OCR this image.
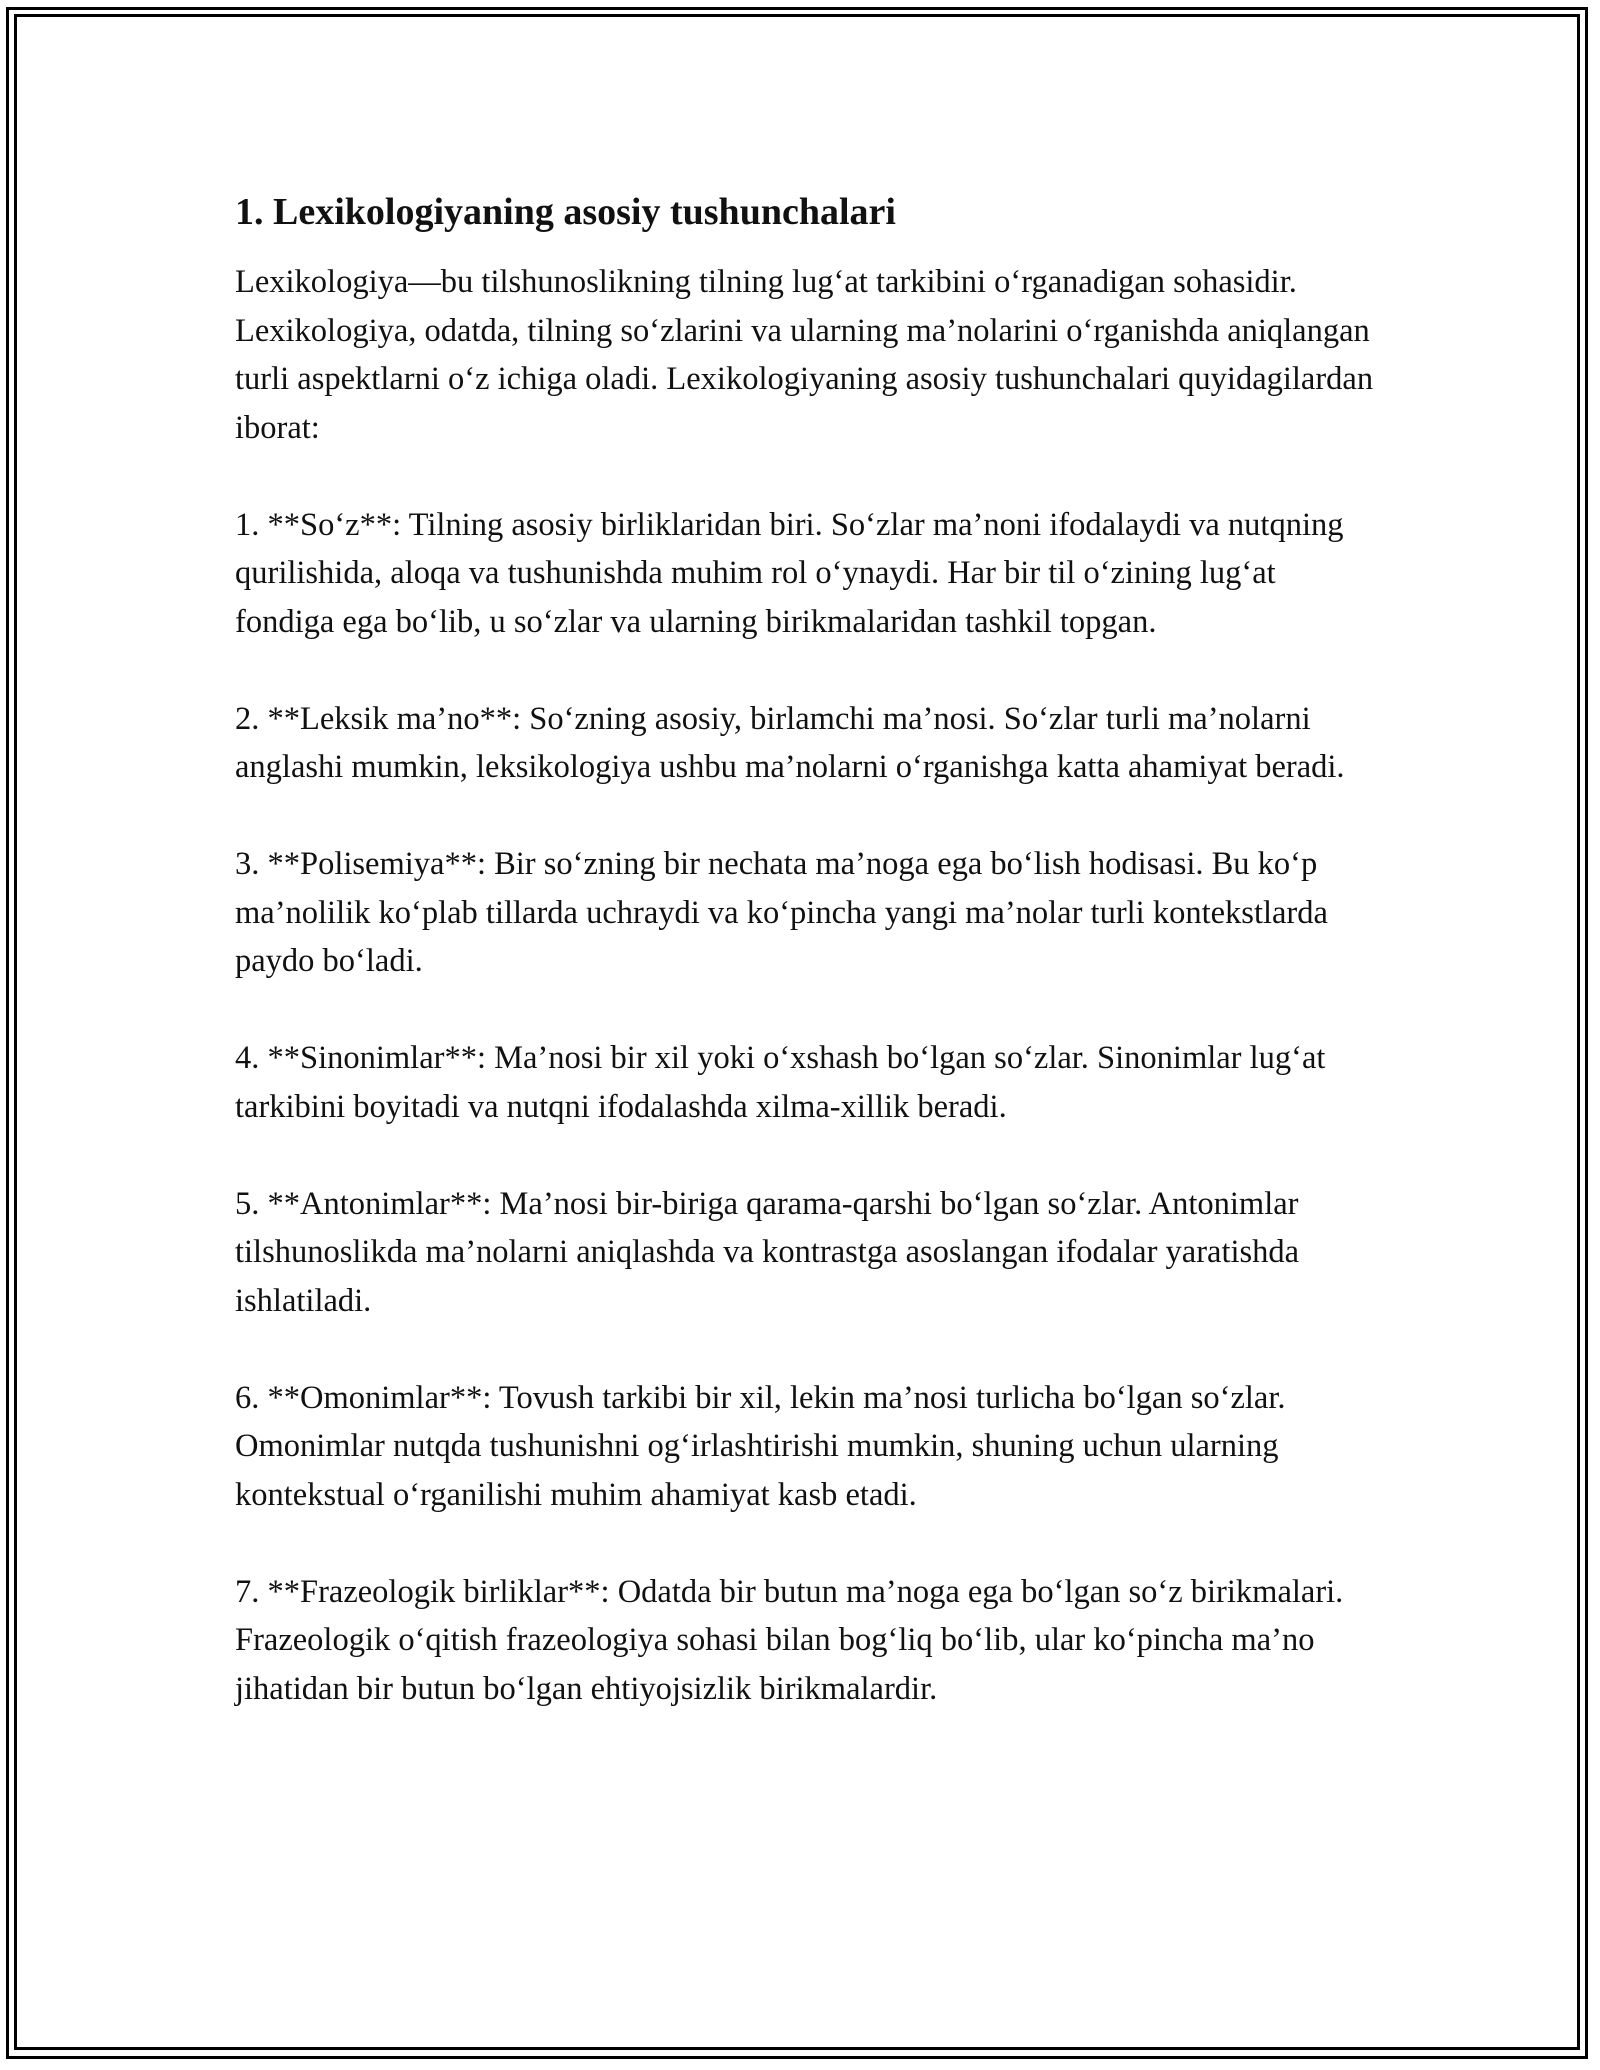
1. Lexikologiyaning asosiy tushunchalari

Lexikologiya—bu tilshunoslikning tilning lug‘at tarkibini o‘rganadigan sohasidir. Lexikologiya, odatda, tilning so‘zlarini va ularning ma’nolarini o‘rganishda aniqlangan turli aspektlarni o‘z ichiga oladi. Lexikologiyaning asosiy tushunchalari quyidagilardan iborat:

1. **So‘z**: Tilning asosiy birliklaridan biri. So‘zlar ma’noni ifodalaydi va nutqning qurilishida, aloqa va tushunishda muhim rol o‘ynaydi. Har bir til o‘zining lug‘at fondiga ega bo‘lib, u so‘zlar va ularning birikmalaridan tashkil topgan.

2. **Leksik ma’no**: So‘zning asosiy, birlamchi ma’nosi. So‘zlar turli ma’nolarni anglashi mumkin, leksikologiya ushbu ma’nolarni o‘rganishga katta ahamiyat beradi.

3. **Polisemiya**: Bir so‘zning bir nechata ma’noga ega bo‘lish hodisasi. Bu ko‘p ma’nolilik ko‘plab tillarda uchraydi va ko‘pincha yangi ma’nolar turli kontekstlarda paydo bo‘ladi.

4. **Sinonimlar**: Ma’nosi bir xil yoki o‘xshash bo‘lgan so‘zlar. Sinonimlar lug‘at tarkibini boyitadi va nutqni ifodalashda xilma-xillik beradi.

5. **Antonimlar**: Ma’nosi bir-biriga qarama-qarshi bo‘lgan so‘zlar. Antonimlar tilshunoslikda ma’nolarni aniqlashda va kontrastga asoslangan ifodalar yaratishda ishlatiladi.

6. **Omonimlar**: Tovush tarkibi bir xil, lekin ma’nosi turlicha bo‘lgan so‘zlar. Omonimlar nutqda tushunishni og‘irlashtirishi mumkin, shuning uchun ularning kontekstual o‘rganilishi muhim ahamiyat kasb etadi.

7. **Frazeologik birliklar**: Odatda bir butun ma’noga ega bo‘lgan so‘z birikmalari. Frazeologik o‘qitish frazeologiya sohasi bilan bog‘liq bo‘lib, ular ko‘pincha ma’no jihatidan bir butun bo‘lgan ehtiyojsizlik birikmalardir.
